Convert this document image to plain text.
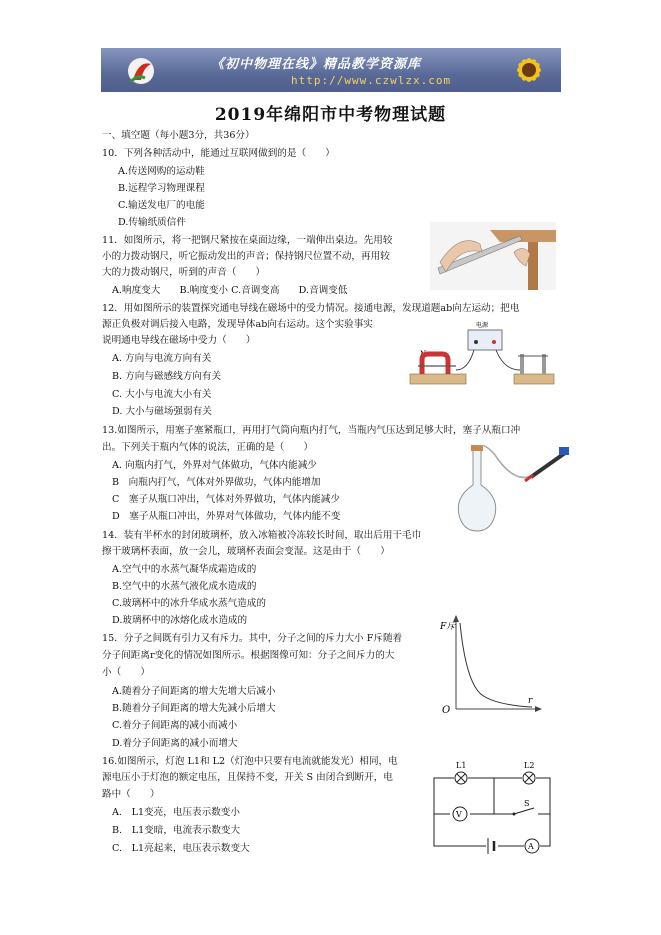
《初中物理在线》精品教学资源库
http://www.czwlzx.com
2019年绵阳市中考物理试题
一、填空题（每小题3分，共36分）
10．下列各种活动中，能通过互联网做到的是（　　）
A.传送网购的运动鞋
B.远程学习物理课程
C.输送发电厂的电能
D.传输纸质信件
11．如图所示，将一把钢尺紧按在桌面边缘，一端伸出桌边。先用较
小的力拨动钢尺，听它振动发出的声音；保持钢尺位置不动，再用较
大的力拨动钢尺，听到的声音（　　）
A.响度变大　　B.响度变小 C.音调变高　　D.音调变低
12．用如图所示的装置探究通电导线在磁场中的受力情况。接通电源，发现道题ab向左运动；把电
源正负极对调后接入电路，发现导体ab向右运动。这个实验事实
说明通电导线在磁场中受力（　　）
A. 方向与电流方向有关
B. 方向与磁感线方向有关
C. 大小与电流大小有关
D. 大小与磁场强弱有关
电源
N
13.如图所示，用塞子塞紧瓶口，再用打气筒向瓶内打气，当瓶内气压达到足够大时，塞子从瓶口冲
出。下列关于瓶内气体的说法，正确的是（　　）
A. 向瓶内打气，外界对气体做功，气体内能减少
B　向瓶内打气，气体对外界做功，气体内能增加
C　塞子从瓶口冲出，气体对外界做功，气体内能减少
D　塞子从瓶口冲出，外界对气体做功，气体内能不变
14．装有半杯水的封闭玻璃杯，放入冰箱被冷冻较长时间，取出后用干毛巾
擦干玻璃杯表面，放一会儿，玻璃杯表面会变湿。这是由于（　　）
A.空气中的水蒸气凝华成霜造成的
B.空气中的水蒸气液化成水造成的
C.玻璃杯中的冰升华成水蒸气造成的
D.玻璃杯中的冰熔化成水造成的
15．分子之间既有引力又有斥力。其中，分子之间的斥力大小 F斥随着
分子间距离r变化的情况如图所示。根据图像可知：分子之间斥力的大
小（　　）
A.随着分子间距离的增大先增大后减小
B.随着分子间距离的增大先减小后增大
C.着分子间距离的减小而减小
D.着分子间距离的减小而增大
F斥
O
r
16.如图所示，灯泡 L1和 L2（灯泡中只要有电流就能发光）相同，电
源电压小于灯泡的额定电压，且保持不变，开关 S 由闭合到断开，电
路中（　　）
A.　L1变亮，电压表示数变小
B.　L1变暗，电流表示数变大
C.　L1亮起来，电压表示数变大
L1	L2
V
S
A
